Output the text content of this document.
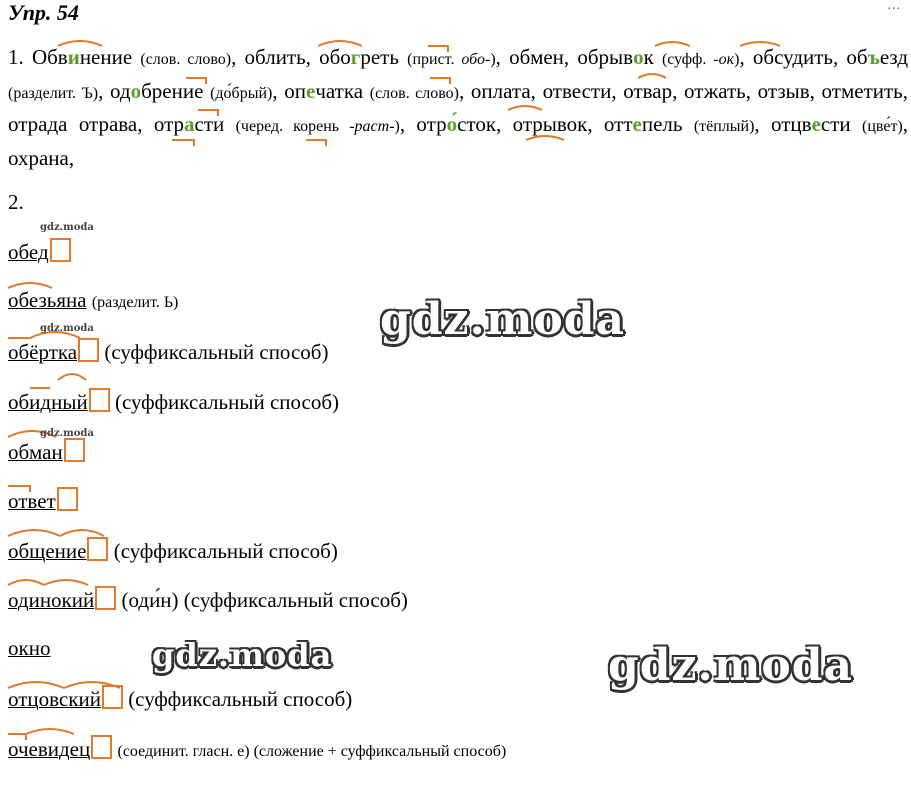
Упр. 54	...
1. Обвинение (слов. слово), облить, обогреть (прист. обо-), обмен, обрывок (суфф. -ок), обсудить, объезд (разделит. Ъ), одобрение (до́брый), опечатка (слов. слово), оплата, отвести, отвар, отжать, отзыв, отметить, отрада отрава, отрасти (черед. корень -раст-), отро́сток, отрывок, оттепель (тёплый), отцвести (цве́т), охрана,
2.
обед
обезьяна (разделит. Ь)
обёртка (суффиксальный способ)
обидный (суффиксальный способ)
обман
ответ
общение (суффиксальный способ)
одинокий (оди́н) (суффиксальный способ)
окно
отцовский (суффиксальный способ)
очевидец (соединит. гласн. е) (сложение + суффиксальный способ)
gdz.moda
gdz.moda
gdz.moda
gdz.moda
gdz.moda	gdz.moda
